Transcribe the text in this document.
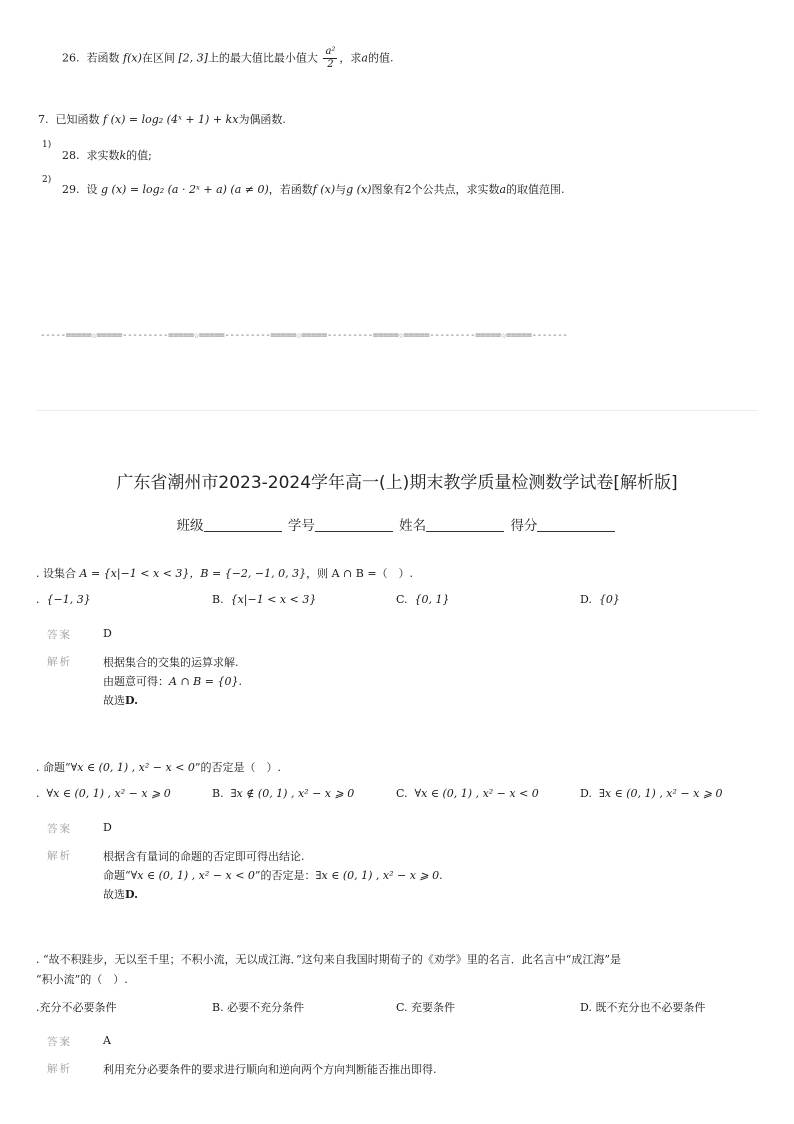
26. 若函数 f(x)在区间 [2, 3]上的最大值比最小值大 $\frac{\text{a²}}{2}$ ，求a的值.
7. 已知函数 f (x) = log₂ (4ˣ + 1) + kx为偶函数.
1)
28. 求实数k的值;
2)
29. 设 g (x) = log₂ (a · 2ˣ + a) (a ≠ 0)，若函数f (x)与g (x)图象有2个公共点，求实数a的取值范围.
-----=====☆=====---------=====☆=====---------=====☆=====---------=====☆=====---------=====☆=====-------
广东省潮州市2023-2024学年高一(上)期末教学质量检测数学试卷[解析版]
班级	学号	姓名	得分
. 设集合 A = {x|−1 < x < 3}，B = {−2, −1, 0, 3}，则 A ∩ B =（　）.
. {−1, 3}	B. {x|−1 < x < 3}	C. {0, 1}	D. {0}
答案	D
解析	根据集合的交集的运算求解.
由题意可得：A ∩ B = {0}.
故选D.
. 命题“∀x ∈ (0, 1) , x² − x < 0”的否定是（　）.
. ∀x ∈ (0, 1) , x² − x ⩾ 0	B. ∃x ∉ (0, 1) , x² − x ⩾ 0	C. ∀x ∈ (0, 1) , x² − x < 0	D. ∃x ∈ (0, 1) , x² − x ⩾ 0
答案	D
解析	根据含有量词的命题的否定即可得出结论.
命题“∀x ∈ (0, 1) , x² − x < 0”的否定是：∃x ∈ (0, 1) , x² − x ⩾ 0.
故选D.
. “故不积跬步，无以至千里；不积小流，无以成江海．”这句来自我国时期荀子的《劝学》里的名言．此名言中“成江海”是
“积小流”的（　）.
.充分不必要条件	B. 必要不充分条件	C. 充要条件	D. 既不充分也不必要条件
答案	A
解析	利用充分必要条件的要求进行顺向和逆向两个方向判断能否推出即得.
